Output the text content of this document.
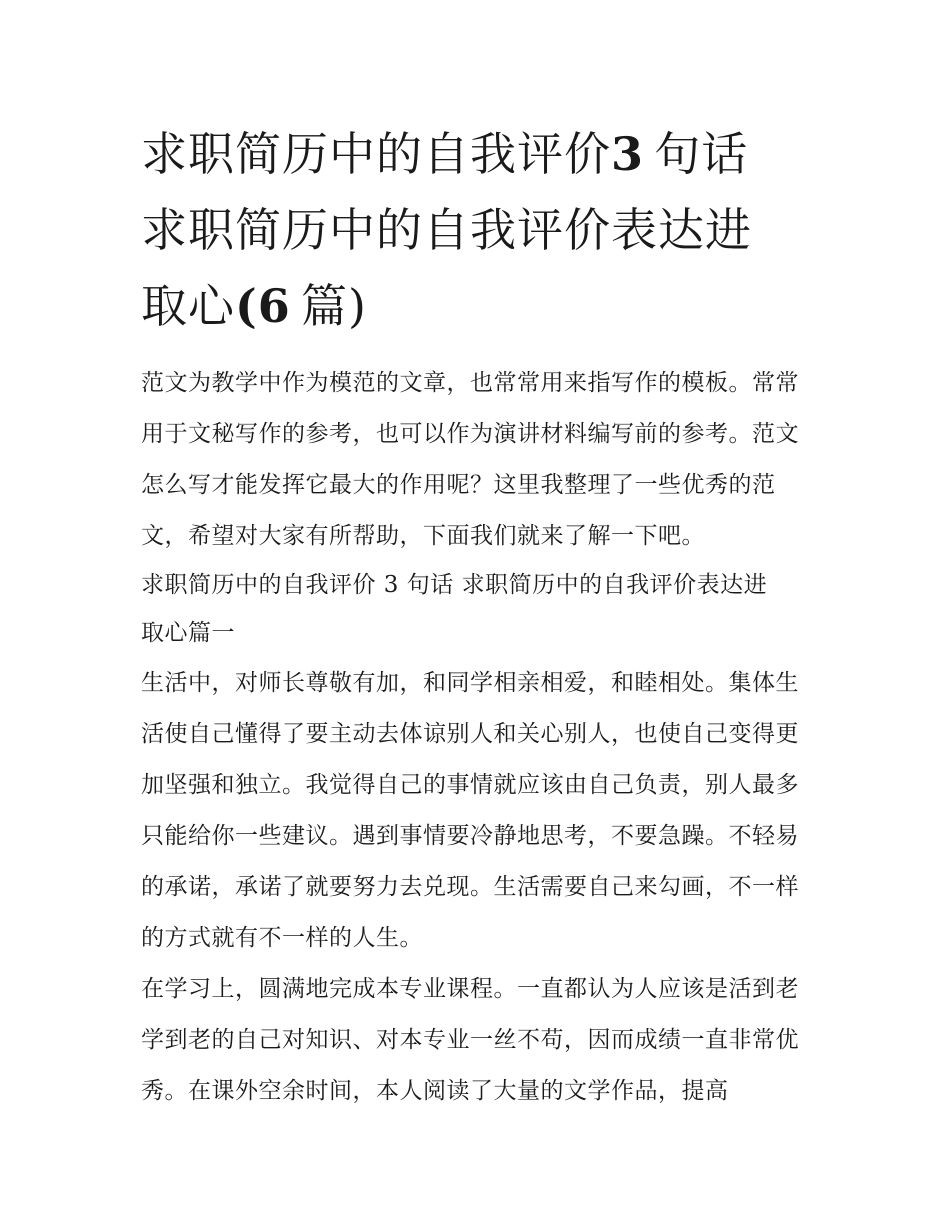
求职简历中的自我评价3  句话
求职简历中的自我评价表达进
取心(6  篇)

范文为教学中作为模范的文章，也常常用来指写作的模板。常常用于文秘写作的参考，也可以作为演讲材料编写前的参考。范文怎么写才能发挥它最大的作用呢？这里我整理了一些优秀的范文，希望对大家有所帮助，下面我们就来了解一下吧。

求职简历中的自我评价 3 句话 求职简历中的自我评价表达进
取心篇一

生活中，对师长尊敬有加，和同学相亲相爱，和睦相处。集体生活使自己懂得了要主动去体谅别人和关心别人，也使自己变得更加坚强和独立。我觉得自己的事情就应该由自己负责，别人最多只能给你一些建议。遇到事情要冷静地思考，不要急躁。不轻易的承诺，承诺了就要努力去兑现。生活需要自己来勾画，不一样的方式就有不一样的人生。

在学习上，圆满地完成本专业课程。一直都认为人应该是活到老学到老的自己对知识、对本专业一丝不苟，因而成绩一直非常优秀。在课外空余时间，本人阅读了大量的文学作品，提高
